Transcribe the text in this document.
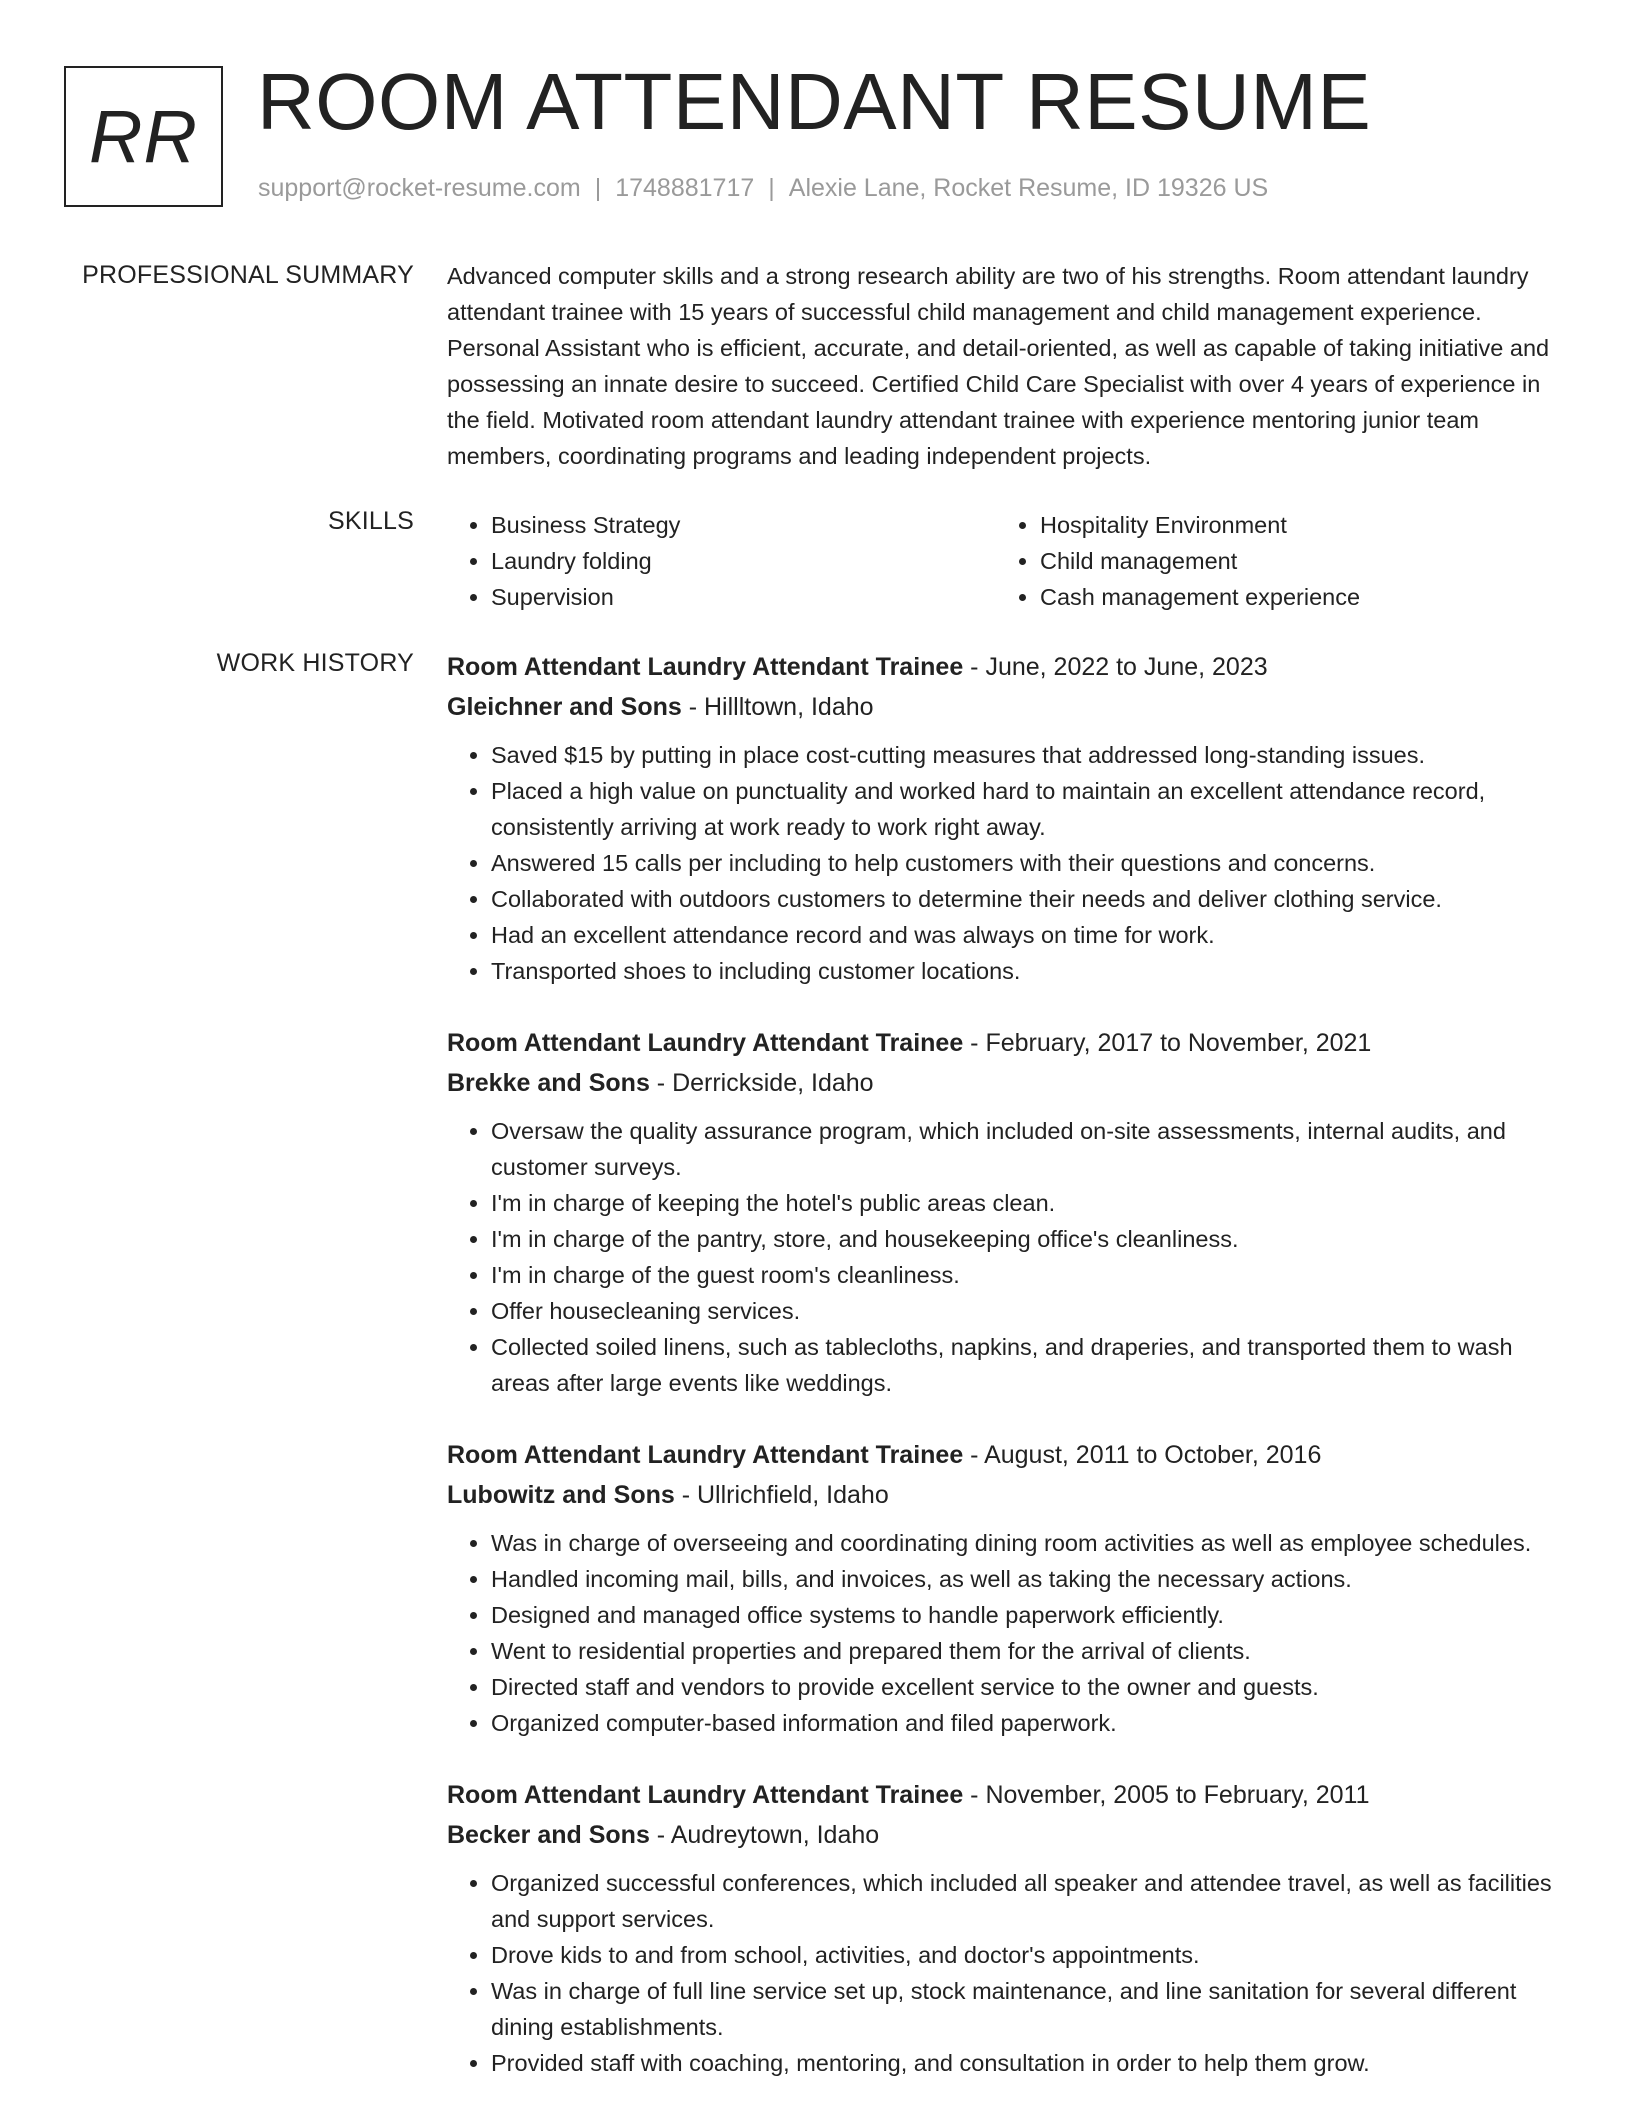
RR ROOM ATTENDANT RESUME
support@rocket-resume.com | 1748881717 | Alexie Lane, Rocket Resume, ID 19326 US
PROFESSIONAL SUMMARY Advanced computer skills and a strong research ability are two of his strengths. Room attendant laundry attendant trainee with 15 years of successful child management and child management experience. Personal Assistant who is efficient, accurate, and detail-oriented, as well as capable of taking initiative and possessing an innate desire to succeed. Certified Child Care Specialist with over 4 years of experience in the field. Motivated room attendant laundry attendant trainee with experience mentoring junior team members, coordinating programs and leading independent projects.

SKILLS
•	Business Strategy
• Laundry folding
• Supervision
• Hospitality Environment
• Child management
• Cash management experience
WORK HISTORY Room Attendant Laundry Attendant Trainee - June, 2022 to June, 2023
Gleichner and Sons - Hillltown, Idaho
• Saved $15 by putting in place cost-cutting measures that addressed long-standing issues.
• Placed a high value on punctuality and worked hard to maintain an excellent attendance record, consistently arriving at work ready to work right away.
• Answered 15 calls per including to help customers with their questions and concerns.
• Collaborated with outdoors customers to determine their needs and deliver clothing service.
• Had an excellent attendance record and was always on time for work.
• Transported shoes to including customer locations.
Room Attendant Laundry Attendant Trainee - February, 2017 to November, 2021
Brekke and Sons - Derrickside, Idaho
• Oversaw the quality assurance program, which included on-site assessments, internal audits, and customer surveys.
• I'm in charge of keeping the hotel's public areas clean.
• I'm in charge of the pantry, store, and housekeeping office's cleanliness.
• I'm in charge of the guest room's cleanliness.
• Offer housecleaning services.
• Collected soiled linens, such as tablecloths, napkins, and draperies, and transported them to wash areas after large events like weddings.
Room Attendant Laundry Attendant Trainee - August, 2011 to October, 2016
Lubowitz and Sons - Ullrichfield, Idaho
• Was in charge of overseeing and coordinating dining room activities as well as employee schedules.
• Handled incoming mail, bills, and invoices, as well as taking the necessary actions.
• Designed and managed office systems to handle paperwork efficiently.
• Went to residential properties and prepared them for the arrival of clients.
• Directed staff and vendors to provide excellent service to the owner and guests.
• Organized computer-based information and filed paperwork.
Room Attendant Laundry Attendant Trainee - November, 2005 to February, 2011
Becker and Sons - Audreytown, Idaho
• Organized successful conferences, which included all speaker and attendee travel, as well as facilities and support services.
• Drove kids to and from school, activities, and doctor's appointments.
• Was in charge of full line service set up, stock maintenance, and line sanitation for several different dining establishments.
• Provided staff with coaching, mentoring, and consultation in order to help them grow.
